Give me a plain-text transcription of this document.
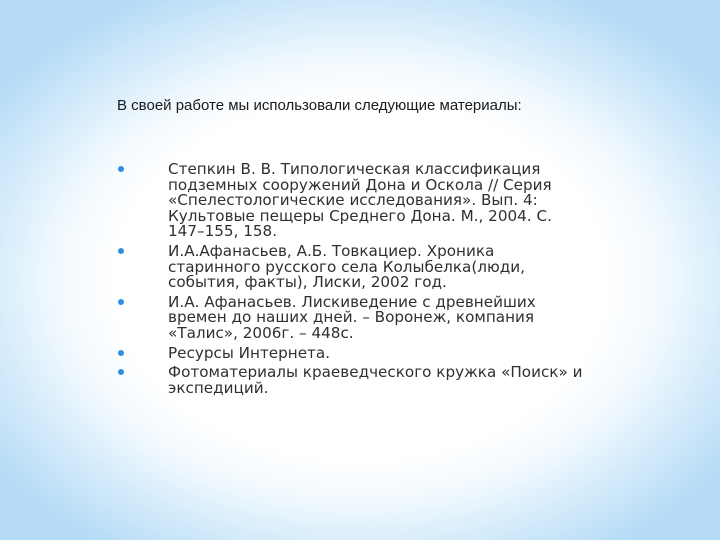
В своей работе мы использовали следующие материалы:
Степкин В. В. Типологическая классификация подземных сооружений Дона и Оскола // Серия «Спелестологические исследования». Вып. 4: Культовые пещеры Среднего Дона. М., 2004. С. 147–155, 158.
И.А.Афанасьев, А.Б. Товкациер. Хроника старинного русского села Колыбелка(люди, события, факты), Лиски, 2002 год.
И.А. Афанасьев. Лискиведение с древнейших времен до наших дней. – Воронеж, компания «Талис», 2006г. – 448с.
Ресурсы Интернета.
Фотоматериалы краеведческого кружка «Поиск» и экспедиций.
